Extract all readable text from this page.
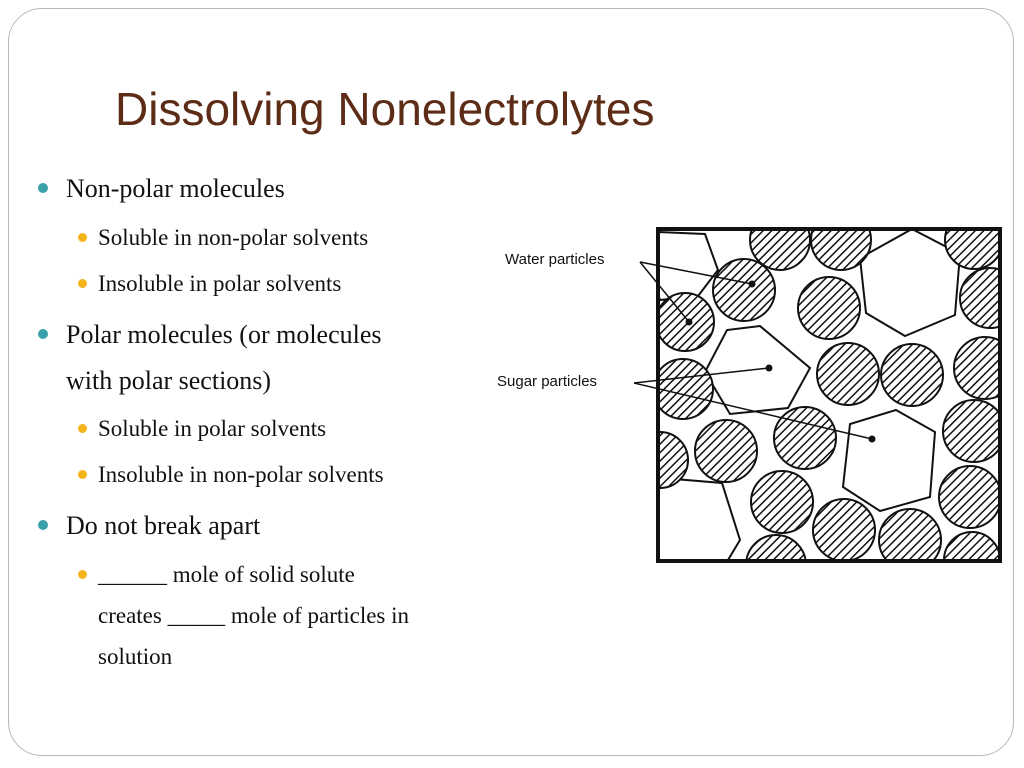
Dissolving Nonelectrolytes
Non-polar molecules
Soluble in non-polar solvents
Insoluble in polar solvents
Polar molecules (or molecules
with polar sections)
Soluble in polar solvents
Insoluble in non-polar solvents
Do not break apart
______ mole of solid solute
creates _____ mole of particles in
solution
Water particles
Sugar particles
